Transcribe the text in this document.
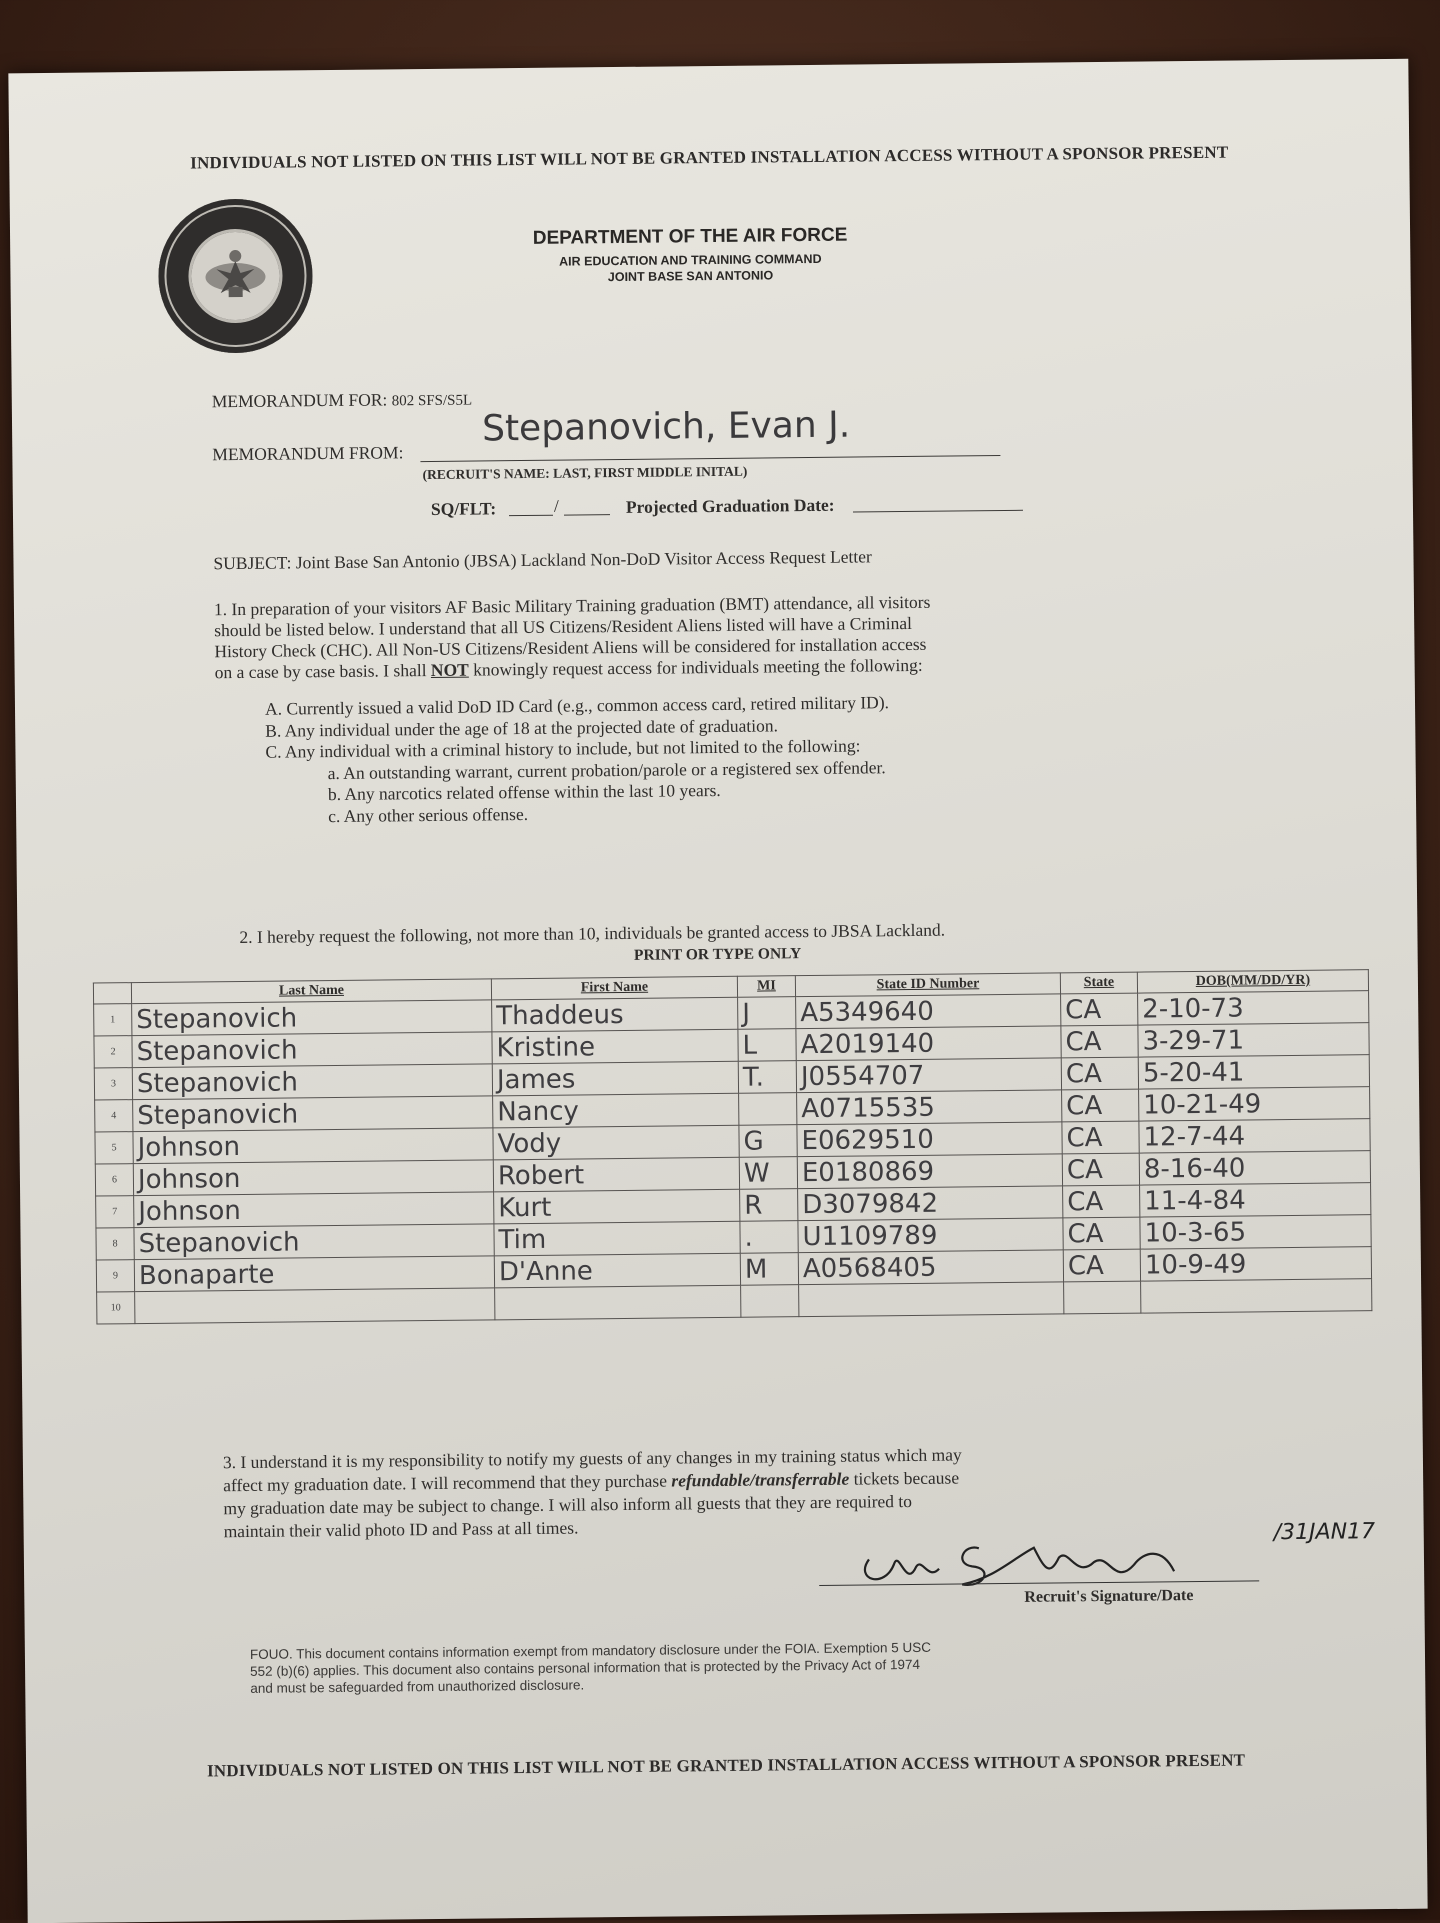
INDIVIDUALS NOT LISTED ON THIS LIST WILL NOT BE GRANTED INSTALLATION ACCESS WITHOUT A SPONSOR PRESENT
DEPARTMENT OF THE AIR FORCE
AIR EDUCATION AND TRAINING COMMAND
JOINT BASE SAN ANTONIO
MEMORANDUM FOR: 802 SFS/S5L
MEMORANDUM FROM:
Stepanovich, Evan J.
(RECRUIT'S NAME: LAST, FIRST MIDDLE INITAL)
SQ/FLT:	/	Projected Graduation Date:
SUBJECT: Joint Base San Antonio (JBSA) Lackland Non-DoD Visitor Access Request Letter
1. In preparation of your visitors AF Basic Military Training graduation (BMT) attendance, all visitors
should be listed below. I understand that all US Citizens/Resident Aliens listed will have a Criminal
History Check (CHC). All Non-US Citizens/Resident Aliens will be considered for installation access
on a case by case basis. I shall NOT knowingly request access for individuals meeting the following:
A. Currently issued a valid DoD ID Card (e.g., common access card, retired military ID).
B. Any individual under the age of 18 at the projected date of graduation.
C. Any individual with a criminal history to include, but not limited to the following:
a. An outstanding warrant, current probation/parole or a registered sex offender.
b. Any narcotics related offense within the last 10 years.
c. Any other serious offense.
2. I hereby request the following, not more than 10, individuals be granted access to JBSA Lackland.
PRINT OR TYPE ONLY
	Last Name	First Name	MI	State ID Number	State	DOB(MM/DD/YR)
1	Stepanovich	Thaddeus	J	A5349640	CA	2-10-73
2	Stepanovich	Kristine	L	A2019140	CA	3-29-71
3	Stepanovich	James	T.	J0554707	CA	5-20-41
4	Stepanovich	Nancy		A0715535	CA	10-21-49
5	Johnson	Vody	G	E0629510	CA	12-7-44
6	Johnson	Robert	W	E0180869	CA	8-16-40
7	Johnson	Kurt	R	D3079842	CA	11-4-84
8	Stepanovich	Tim	.	U1109789	CA	10-3-65
9	Bonaparte	D'Anne	M	A0568405	CA	10-9-49
10						
3. I understand it is my responsibility to notify my guests of any changes in my training status which may
affect my graduation date. I will recommend that they purchase refundable/transferrable tickets because
my graduation date may be subject to change. I will also inform all guests that they are required to
maintain their valid photo ID and Pass at all times.	/31JAN17
Recruit's Signature/Date
FOUO. This document contains information exempt from mandatory disclosure under the FOIA. Exemption 5 USC
552 (b)(6) applies. This document also contains personal information that is protected by the Privacy Act of 1974
and must be safeguarded from unauthorized disclosure.
INDIVIDUALS NOT LISTED ON THIS LIST WILL NOT BE GRANTED INSTALLATION ACCESS WITHOUT A SPONSOR PRESENT
